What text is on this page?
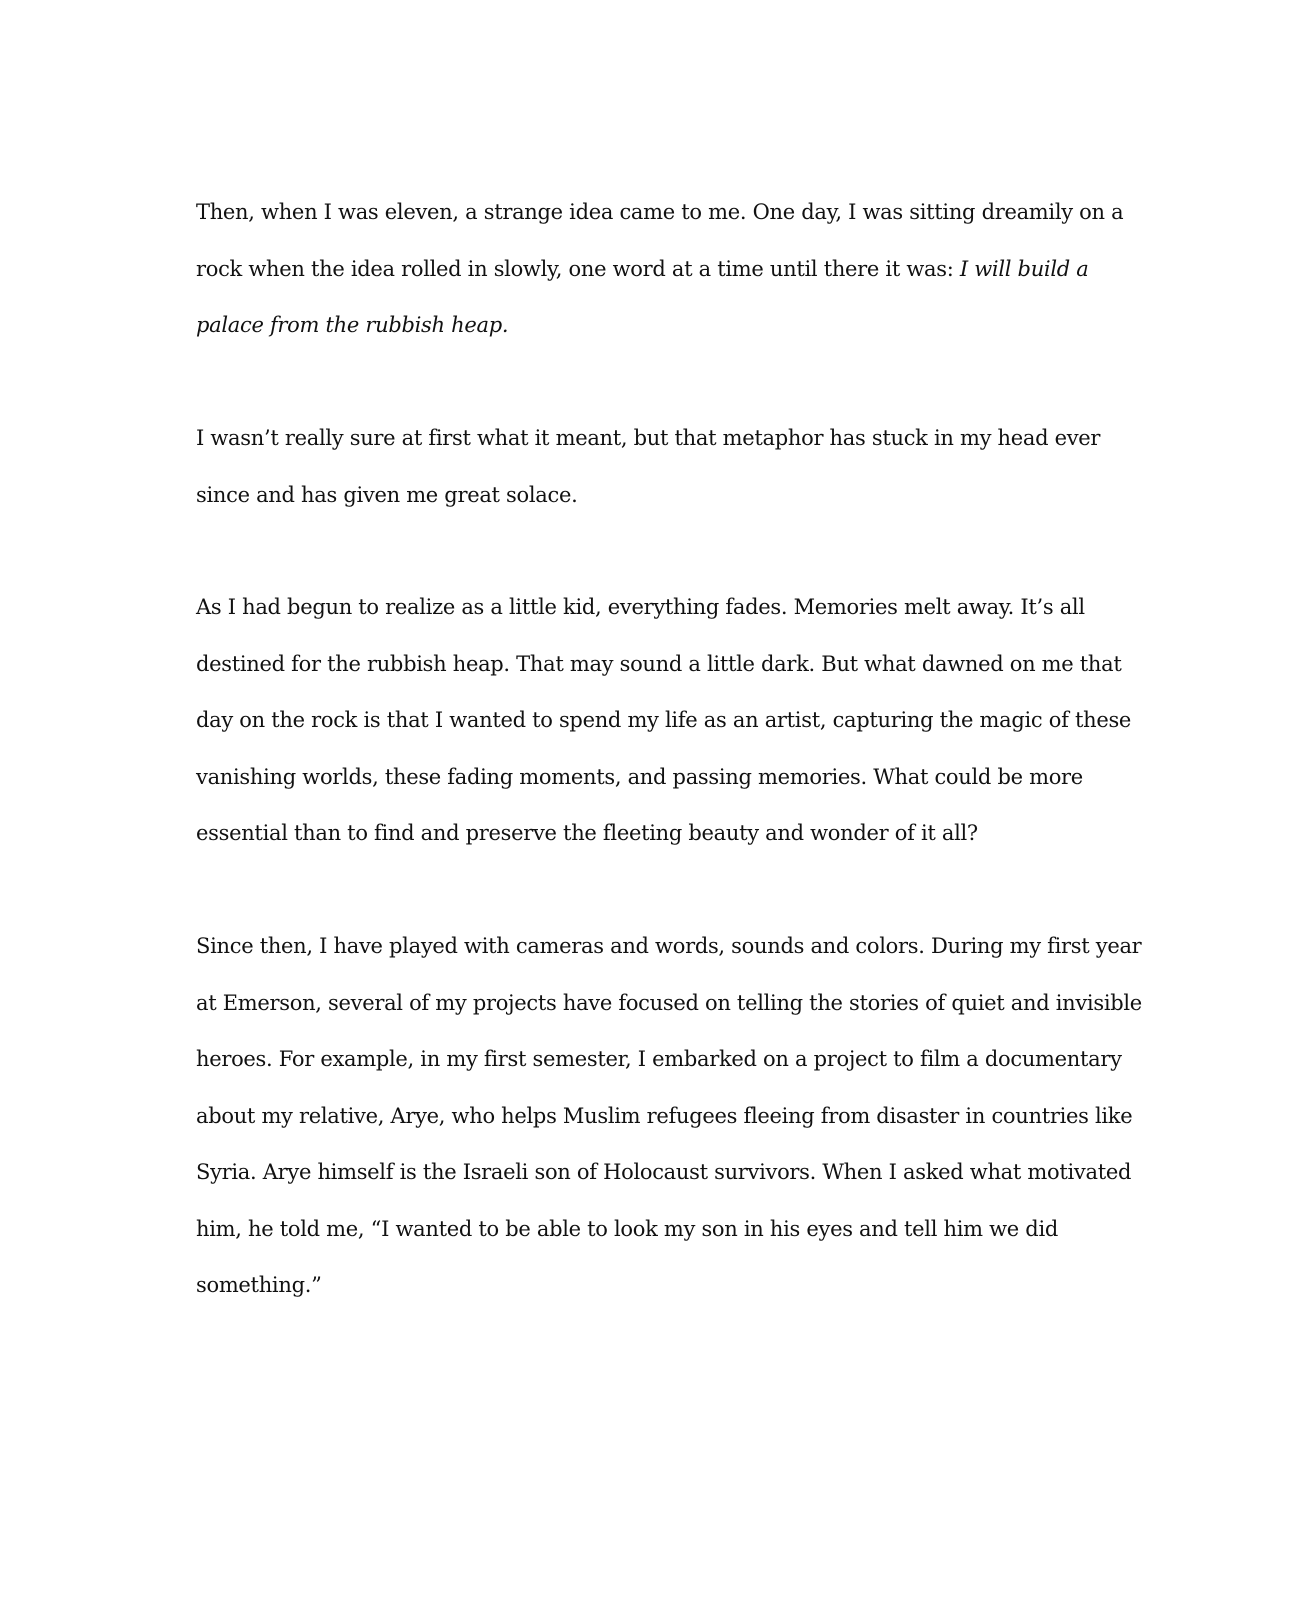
Then, when I was eleven, a strange idea came to me. One day, I was sitting dreamily on a
rock when the idea rolled in slowly, one word at a time until there it was: I will build a
palace from the rubbish heap.
I wasn’t really sure at first what it meant, but that metaphor has stuck in my head ever
since and has given me great solace.
As I had begun to realize as a little kid, everything fades. Memories melt away. It’s all
destined for the rubbish heap. That may sound a little dark. But what dawned on me that
day on the rock is that I wanted to spend my life as an artist, capturing the magic of these
vanishing worlds, these fading moments, and passing memories. What could be more
essential than to find and preserve the fleeting beauty and wonder of it all?
Since then, I have played with cameras and words, sounds and colors. During my first year
at Emerson, several of my projects have focused on telling the stories of quiet and invisible
heroes. For example, in my first semester, I embarked on a project to film a documentary
about my relative, Arye, who helps Muslim refugees fleeing from disaster in countries like
Syria. Arye himself is the Israeli son of Holocaust survivors. When I asked what motivated
him, he told me, “I wanted to be able to look my son in his eyes and tell him we did
something.”
